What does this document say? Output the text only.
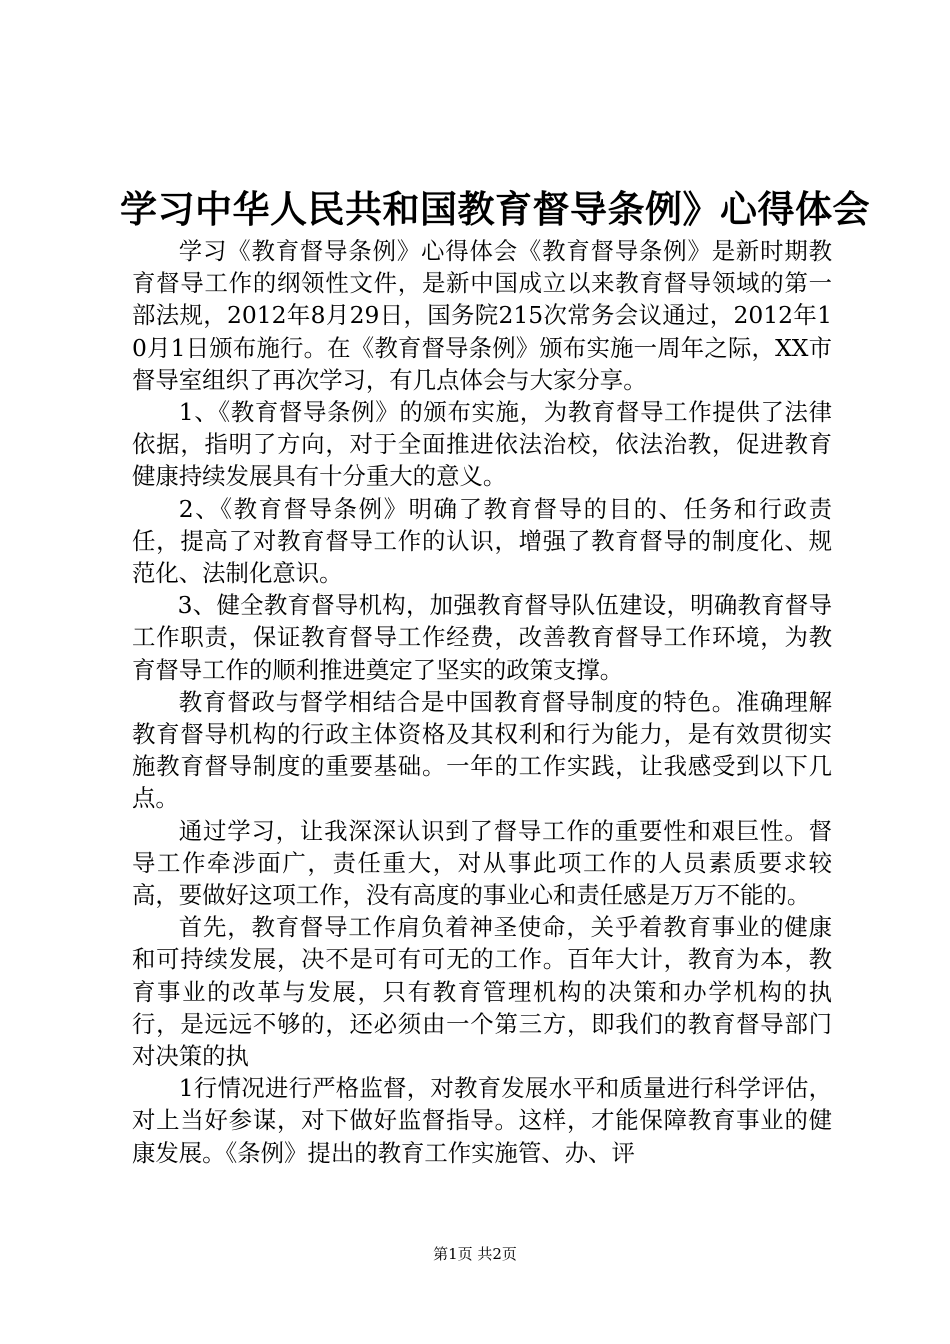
学习中华人民共和国教育督导条例》心得体会

学习《教育督导条例》心得体会《教育督导条例》是新时期教育督导工作的纲领性文件，是新中国成立以来教育督导领域的第一部法规，2012年8月29日，国务院215次常务会议通过，2012年10月1日颁布施行。在《教育督导条例》颁布实施一周年之际，XX市督导室组织了再次学习，有几点体会与大家分享。

1、《教育督导条例》的颁布实施，为教育督导工作提供了法律依据，指明了方向，对于全面推进依法治校，依法治教，促进教育健康持续发展具有十分重大的意义。

2、《教育督导条例》明确了教育督导的目的、任务和行政责任，提高了对教育督导工作的认识，增强了教育督导的制度化、规范化、法制化意识。

3、健全教育督导机构，加强教育督导队伍建设，明确教育督导工作职责，保证教育督导工作经费，改善教育督导工作环境，为教育督导工作的顺利推进奠定了坚实的政策支撑。

教育督政与督学相结合是中国教育督导制度的特色。准确理解教育督导机构的行政主体资格及其权利和行为能力，是有效贯彻实施教育督导制度的重要基础。一年的工作实践，让我感受到以下几点。

通过学习，让我深深认识到了督导工作的重要性和艰巨性。督导工作牵涉面广，责任重大，对从事此项工作的人员素质要求较高，要做好这项工作，没有高度的事业心和责任感是万万不能的。

首先，教育督导工作肩负着神圣使命，关乎着教育事业的健康和可持续发展，决不是可有可无的工作。百年大计，教育为本，教育事业的改革与发展，只有教育管理机构的决策和办学机构的执行，是远远不够的，还必须由一个第三方，即我们的教育督导部门对决策的执

1行情况进行严格监督，对教育发展水平和质量进行科学评估，对上当好参谋，对下做好监督指导。这样，才能保障教育事业的健康发展。《条例》提出的教育工作实施管、办、评

第1页 共2页
